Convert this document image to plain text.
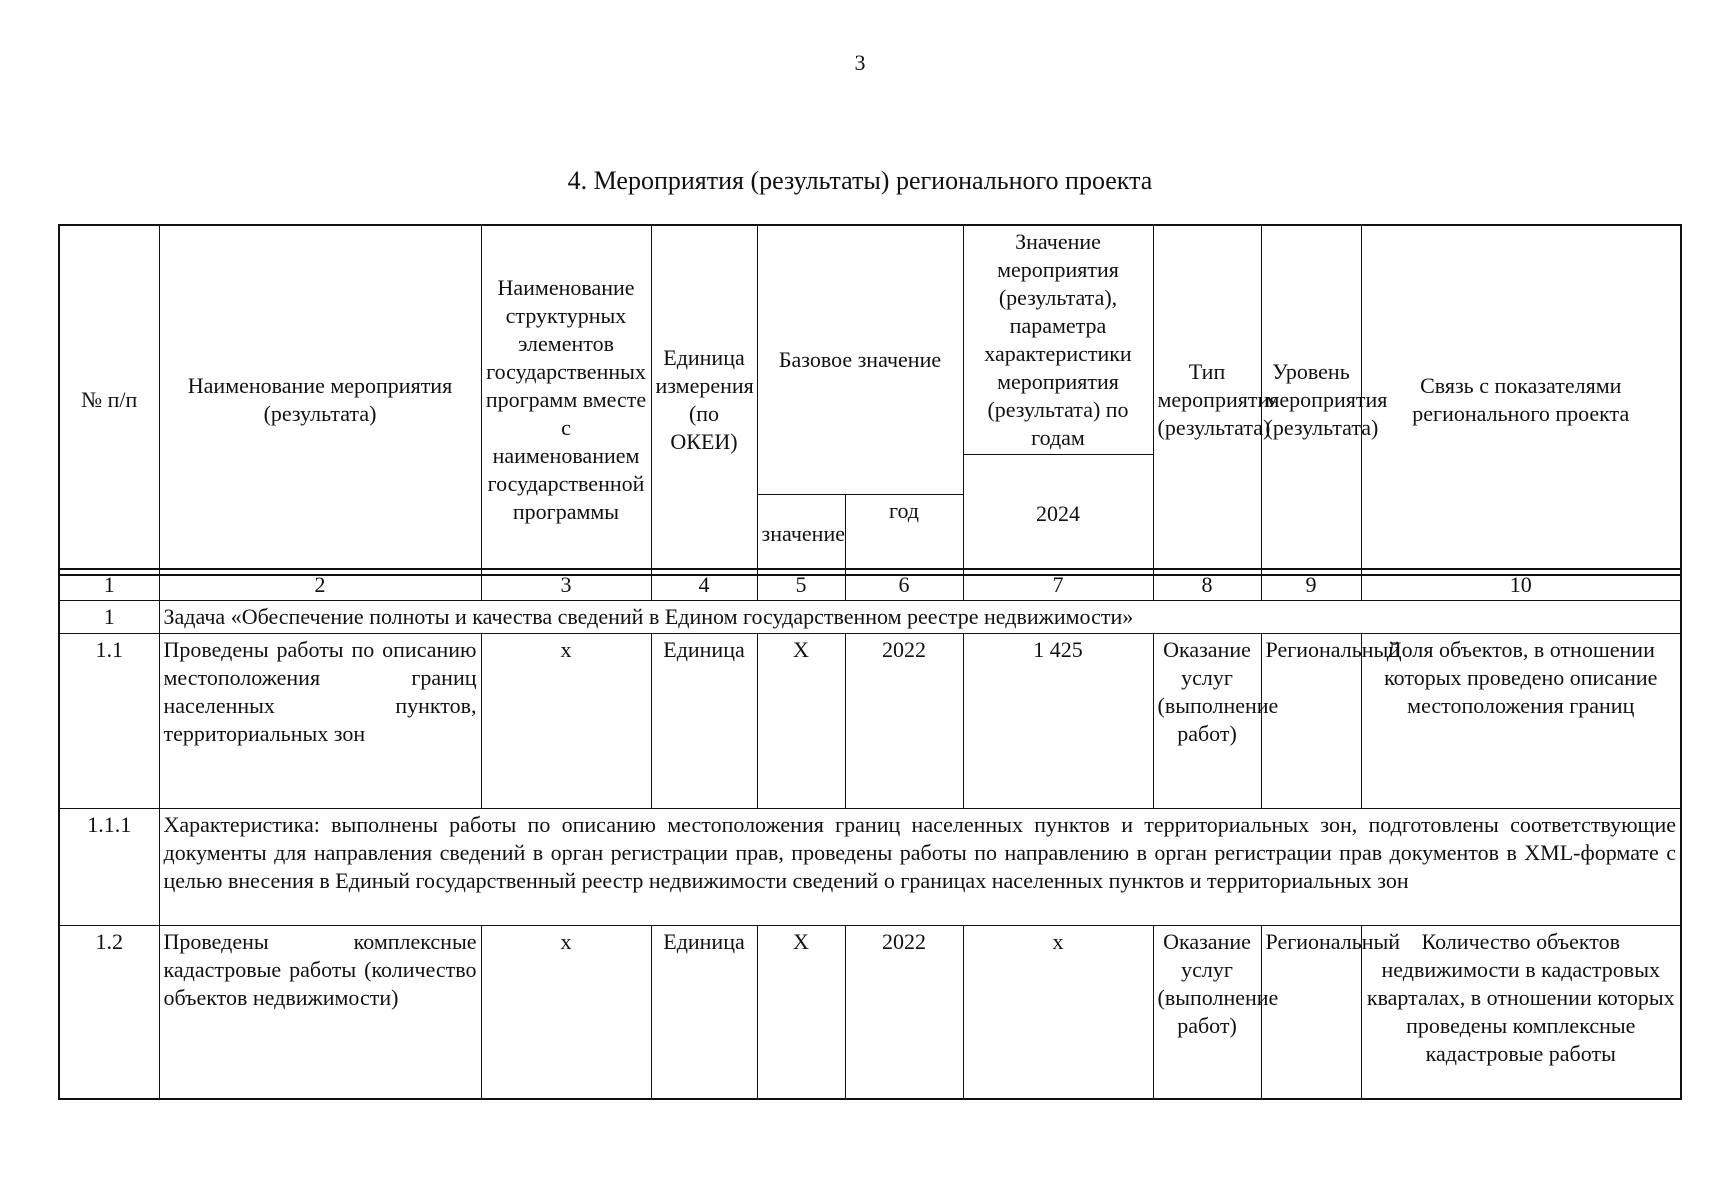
3
4. Мероприятия (результаты) регионального проекта
№ п/п	Наименование мероприятия (результата)	Наименование структурных элементов государственных программ вместе с наименованием государственной программы	Единица измерения (по ОКЕИ)	Базовое значение		Значение мероприятия (результата), параметра характеристики мероприятия (результата) по годам	Тип мероприятия (результата)	Уровень мероприятия (результата)	Связь с показателями регионального проекта
						2024			
				значение	год				
1	2	3	4	5	6	7	8	9	10
1	Задача «Обеспечение полноты и качества сведений в Едином государственном реестре недвижимости»								
1.1	Проведены работы по описанию местоположения границ населенных пунктов, территориальных зон	x	Единица	X	2022	1 425	Оказание услуг (выполнение работ)	Региональный	Доля объектов, в отношении которых проведено описание местоположения границ
1.1.1	Характеристика: выполнены работы по описанию местоположения границ населенных пунктов и территориальных зон, подготовлены соответствующие документы для направления сведений в орган регистрации прав, проведены работы по направлению в орган регистрации прав документов в XML-формате с целью внесения в Единый государственный реестр недвижимости сведений о границах населенных пунктов и территориальных зон								
1.2	Проведены комплексные кадастровые работы (количество объектов недвижимости)	x	Единица	X	2022	x	Оказание услуг (выполнение работ)	Региональный	Количество объектов недвижимости в кадастровых кварталах, в отношении которых проведены комплексные кадастровые работы
